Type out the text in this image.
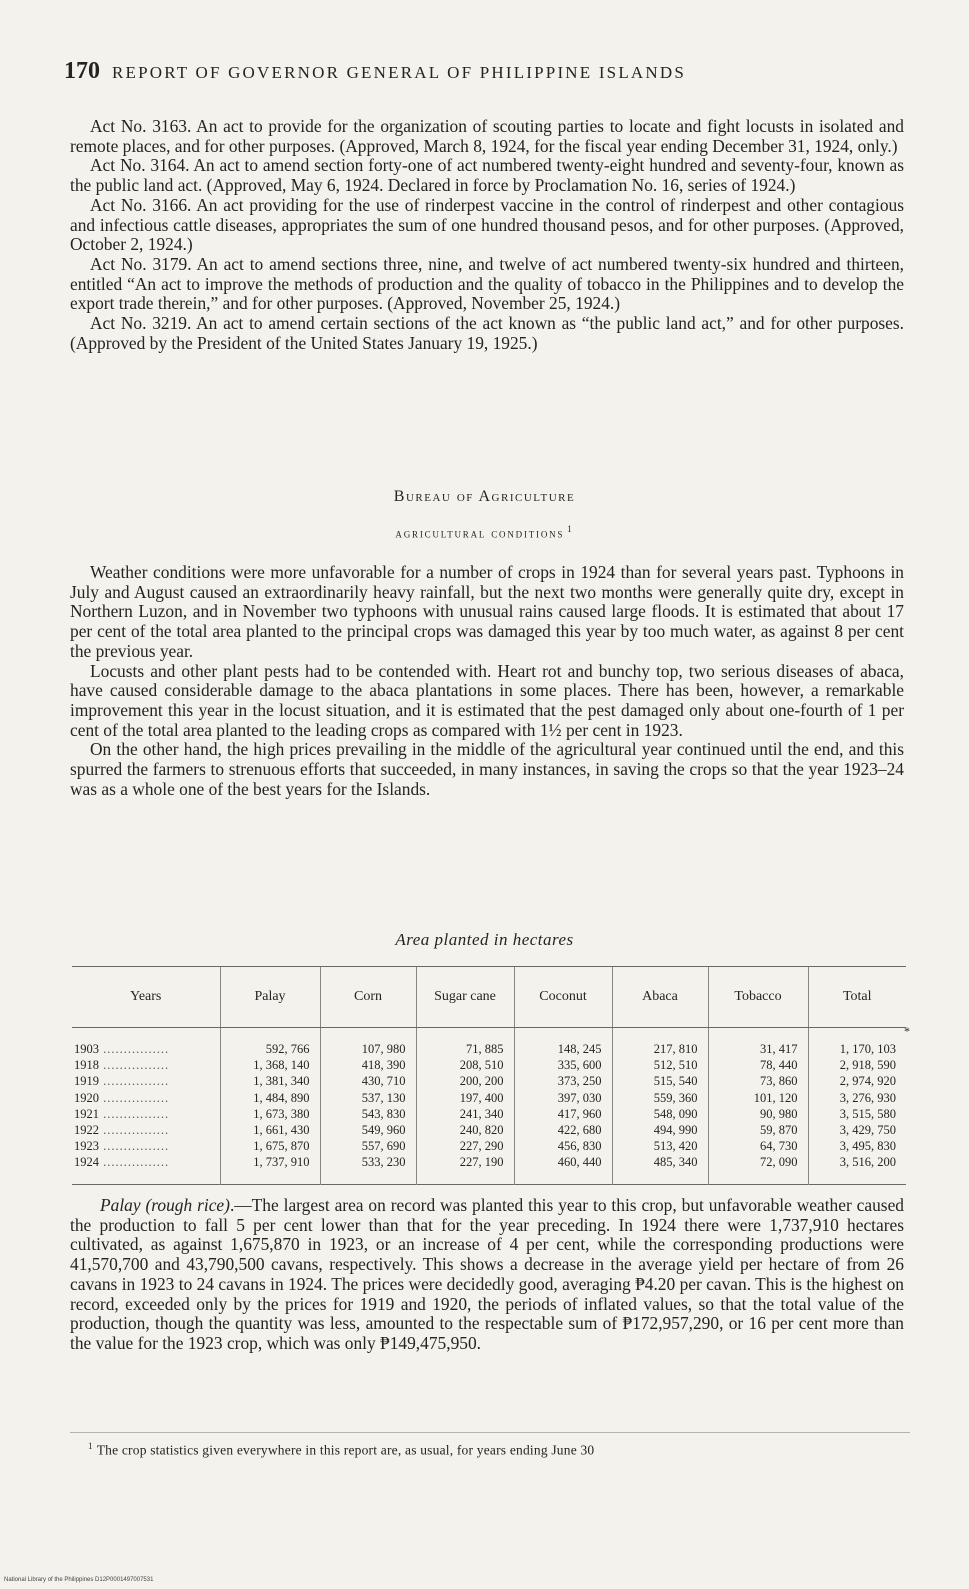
170 REPORT OF GOVERNOR GENERAL OF PHILIPPINE ISLANDS

Act No. 3163. An act to provide for the organization of scouting parties to locate and fight locusts in isolated and remote places, and for other purposes. (Approved, March 8, 1924, for the fiscal year ending December 31, 1924, only.)

Act No. 3164. An act to amend section forty-one of act numbered twenty-eight hundred and seventy-four, known as the public land act. (Approved, May 6, 1924. Declared in force by Proclamation No. 16, series of 1924.)

Act No. 3166. An act providing for the use of rinderpest vaccine in the control of rinderpest and other contagious and infectious cattle diseases, appropriates the sum of one hundred thousand pesos, and for other purposes. (Approved, October 2, 1924.)

Act No. 3179. An act to amend sections three, nine, and twelve of act numbered twenty-six hundred and thirteen, entitled “An act to improve the methods of production and the quality of tobacco in the Philippines and to develop the export trade therein,” and for other purposes. (Approved, November 25, 1924.)

Act No. 3219. An act to amend certain sections of the act known as “the public land act,” and for other purposes. (Approved by the President of the United States January 19, 1925.)

Bureau of Agriculture
agricultural conditions $^1$

Weather conditions were more unfavorable for a number of crops in 1924 than for several years past. Typhoons in July and August caused an extraordinarily heavy rainfall, but the next two months were generally quite dry, except in Northern Luzon, and in November two typhoons with unusual rains caused large floods. It is estimated that about 17 per cent of the total area planted to the principal crops was damaged this year by too much water, as against 8 per cent the previous year.

Locusts and other plant pests had to be contended with. Heart rot and bunchy top, two serious diseases of abaca, have caused considerable damage to the abaca plantations in some places. There has been, however, a remarkable improvement this year in the locust situation, and it is estimated that the pest damaged only about one-fourth of 1 per cent of the total area planted to the leading crops as compared with 1½ per cent in 1923.

On the other hand, the high prices prevailing in the middle of the agricultural year continued until the end, and this spurred the farmers to strenuous efforts that succeeded, in many instances, in saving the crops so that the year 1923–24 was as a whole one of the best years for the Islands.

Area planted in hectares
Years	Palay	Corn	Sugar cane	Coconut	Abaca	Tobacco	Total
1903 .....	592, 766	107, 980	71, 885	148, 245	217, 810	31, 417	1, 170, 103
1918 .....	1, 368, 140	418, 390	208, 510	335, 600	512, 510	78, 440	2, 918, 590
1919 .....	1, 381, 340	430, 710	200, 200	373, 250	515, 540	73, 860	2, 974, 920
1920 .....	1, 484, 890	537, 130	197, 400	397, 030	559, 360	101, 120	3, 276, 930
1921 .....	1, 673, 380	543, 830	241, 340	417, 960	548, 090	90, 980	3, 515, 580
1922 .....	1, 661, 430	549, 960	240, 820	422, 680	494, 990	59, 870	3, 429, 750
1923 .....	1, 675, 870	557, 690	227, 290	456, 830	513, 420	64, 730	3, 495, 830
1924 .....	1, 737, 910	533, 230	227, 190	460, 440	485, 340	72, 090	3, 516, 200
*

Palay (rough rice).—The largest area on record was planted this year to this crop, but unfavorable weather caused the production to fall 5 per cent lower than that for the year preceding. In 1924 there were 1,737,910 hectares cultivated, as against 1,675,870 in 1923, or an increase of 4 per cent, while the corresponding productions were 41,570,700 and 43,790,500 cavans, respectively. This shows a decrease in the average yield per hectare of from 26 cavans in 1923 to 24 cavans in 1924. The prices were decidedly good, averaging ₱4.20 per cavan. This is the highest on record, exceeded only by the prices for 1919 and 1920, the periods of inflated values, so that the total value of the production, though the quantity was less, amounted to the respectable sum of ₱172,957,290, or 16 per cent more than the value for the 1923 crop, which was only ₱149,475,950.

$^1$ The crop statistics given everywhere in this report are, as usual, for years ending June 30
National Library of the Philippines D12P0001497007531
